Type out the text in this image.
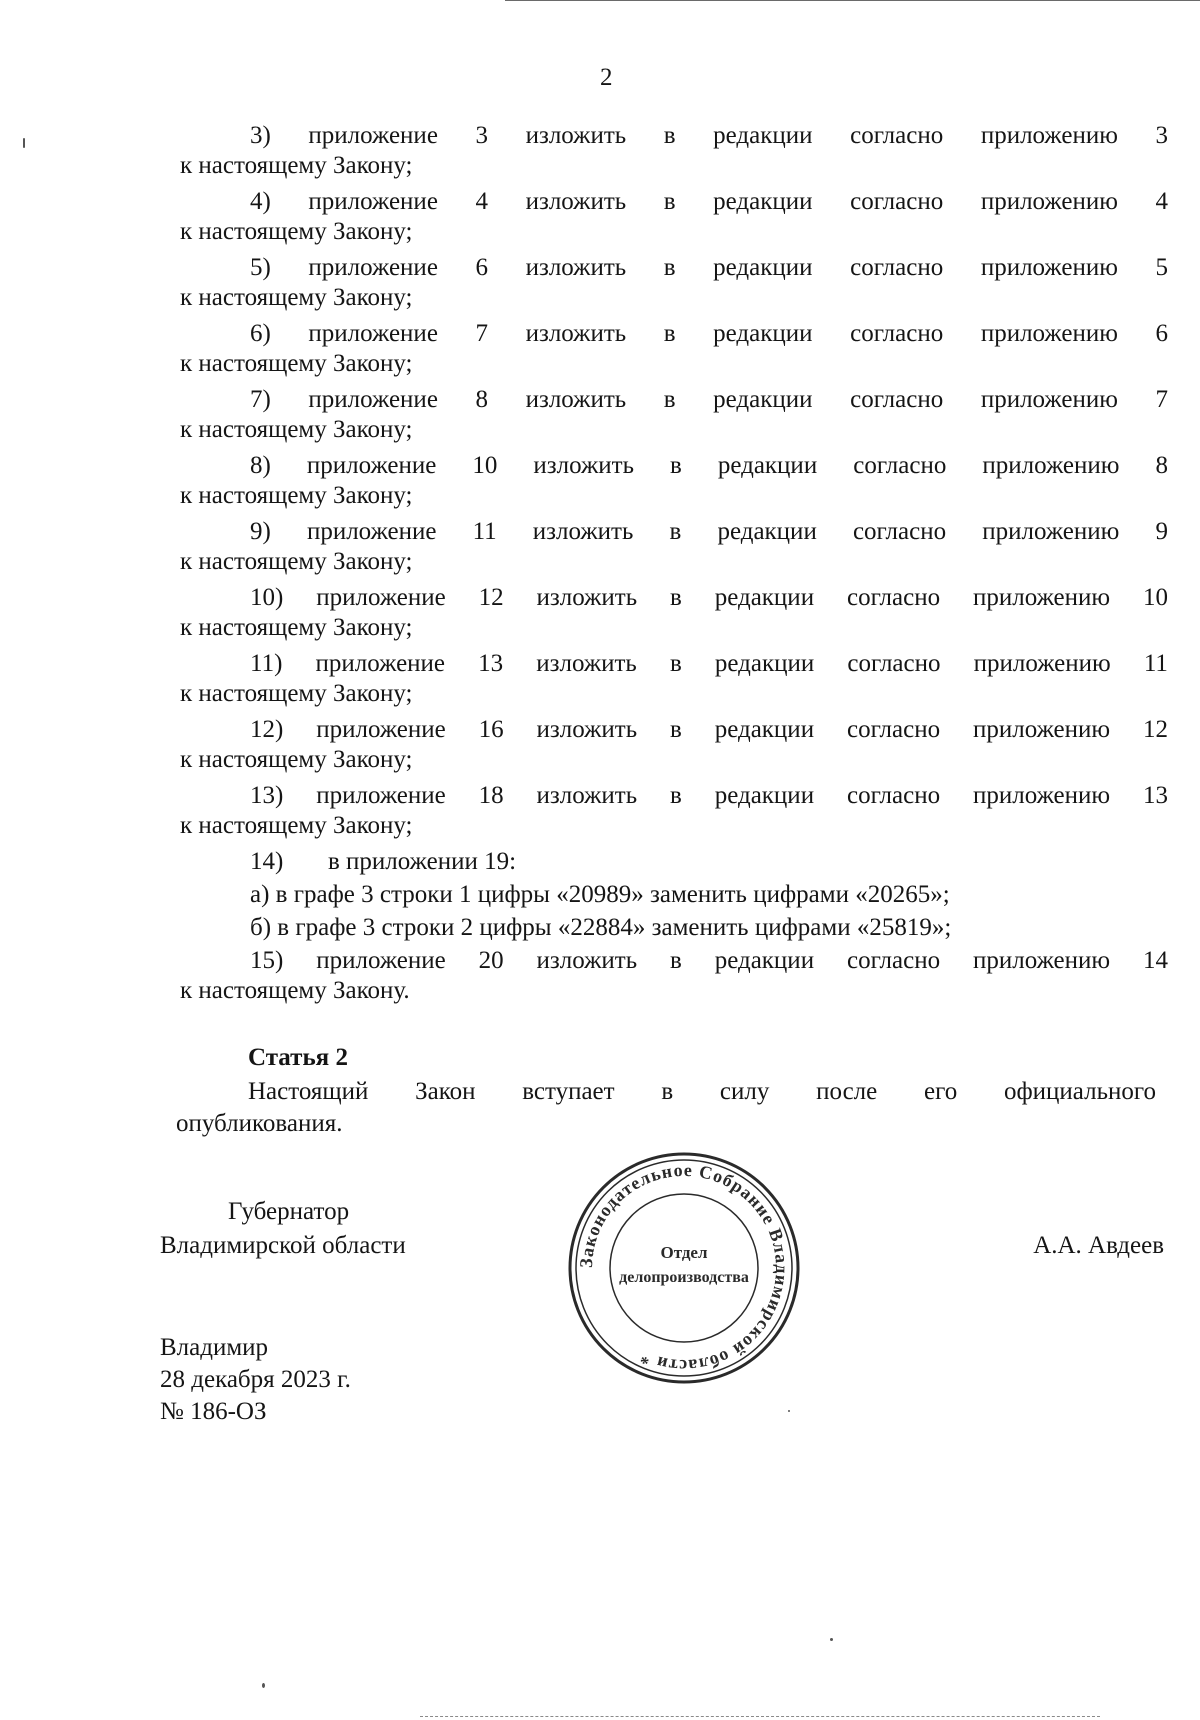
2
3) приложение 3 изложить в редакции согласно приложению 3
к настоящему Закону;
4) приложение 4 изложить в редакции согласно приложению 4
к настоящему Закону;
5) приложение 6 изложить в редакции согласно приложению 5
к настоящему Закону;
6) приложение 7 изложить в редакции согласно приложению 6
к настоящему Закону;
7) приложение 8 изложить в редакции согласно приложению 7
к настоящему Закону;
8) приложение 10 изложить в редакции согласно приложению 8
к настоящему Закону;
9) приложение 11 изложить в редакции согласно приложению 9
к настоящему Закону;
10) приложение 12 изложить в редакции согласно приложению 10
к настоящему Закону;
11) приложение 13 изложить в редакции согласно приложению 11
к настоящему Закону;
12) приложение 16 изложить в редакции согласно приложению 12
к настоящему Закону;
13) приложение 18 изложить в редакции согласно приложению 13
к настоящему Закону;
14) в приложении 19:
а) в графе 3 строки 1 цифры «20989» заменить цифрами «20265»;
б) в графе 3 строки 2 цифры «22884» заменить цифрами «25819»;
15) приложение 20 изложить в редакции согласно приложению 14
к настоящему Закону.
Статья 2
Настоящий Закон вступает в силу после его официального
опубликования.
Губернатор
Владимирской области	А.А. Авдеев
Законодательное Собрание Владимирской области *
Отдел
делопроизводства
Владимир
28 декабря 2023 г.
№ 186-ОЗ
